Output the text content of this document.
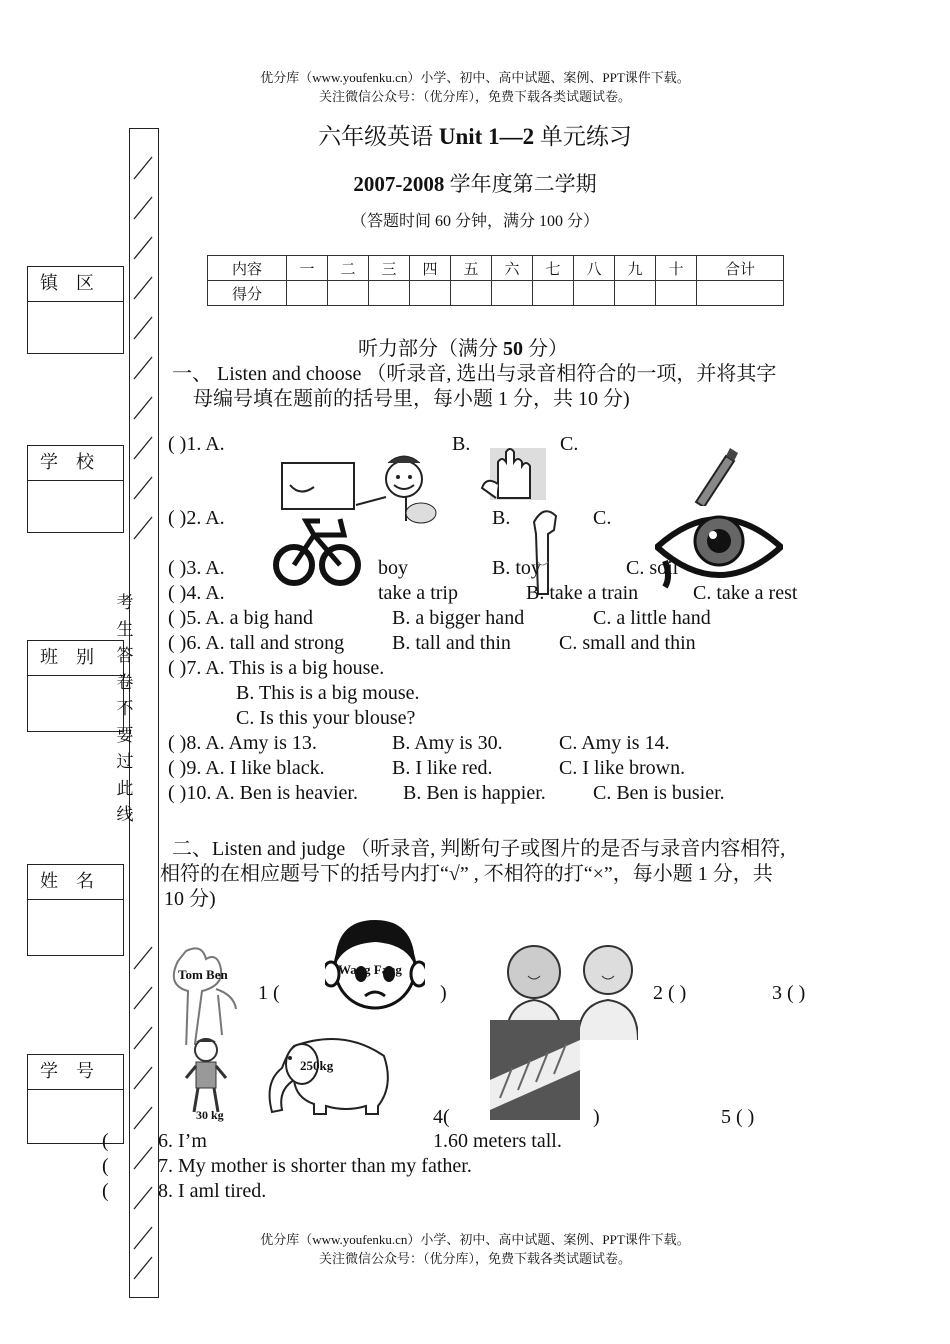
优分库（www.youfenku.cn）小学、初中、高中试题、案例、PPT课件下载。
关注微信公众号：（优分库），免费下载各类试题试卷。
六年级英语 Unit 1—2 单元练习
2007-2008 学年度第二学期
（答题时间 60 分钟，满分 100 分）
内容	一	二	三	四	五	六	七	八	九	十	合计
得分											
镇　区
学　校
班　别
姓　名
学　号
考生答卷不要过此线
听力部分（满分 50 分）
一、 Listen and choose （听录音, 选出与录音相符合的一项，并将其字
母编号填在题前的括号里，每小题 1 分，共 10 分)
( )1. A.	B.	C.
( )2. A.	B.	C.
( )3. A.	boy	B. toy	C. soil
( )4. A.	take a trip	B. take a train	C. take a rest
( )5. A. a big hand	B. a bigger hand	C. a little hand
( )6. A. tall and strong B. tall and thin C. small and thin
( )7. A. This is a big house.
B. This is a big mouse.
C. Is this your blouse?
( )8. A. Amy is 13.	B. Amy is 30.	C. Amy is 14.
( )9. A. I like black.	B. I like red.	C. I like brown.
( )10. A. Ben is heavier. B. Ben is happier. C. Ben is busier.
二、Listen and judge （听录音, 判断句子或图片的是否与录音内容相符,
相符的在相应题号下的括号内打“√” , 不相符的打“×”，每小题 1 分，共
10 分)
Tom Ben	Wang Fang
30 kg
250kg
1 (	)	2 ( )	3 ( )
4(	)	5 ( )
( 6. I’m	1.60 meters tall.
( 7. My mother is shorter than my father.
( 8. I aml tired.
优分库（www.youfenku.cn）小学、初中、高中试题、案例、PPT课件下载。
关注微信公众号：（优分库），免费下载各类试题试卷。
